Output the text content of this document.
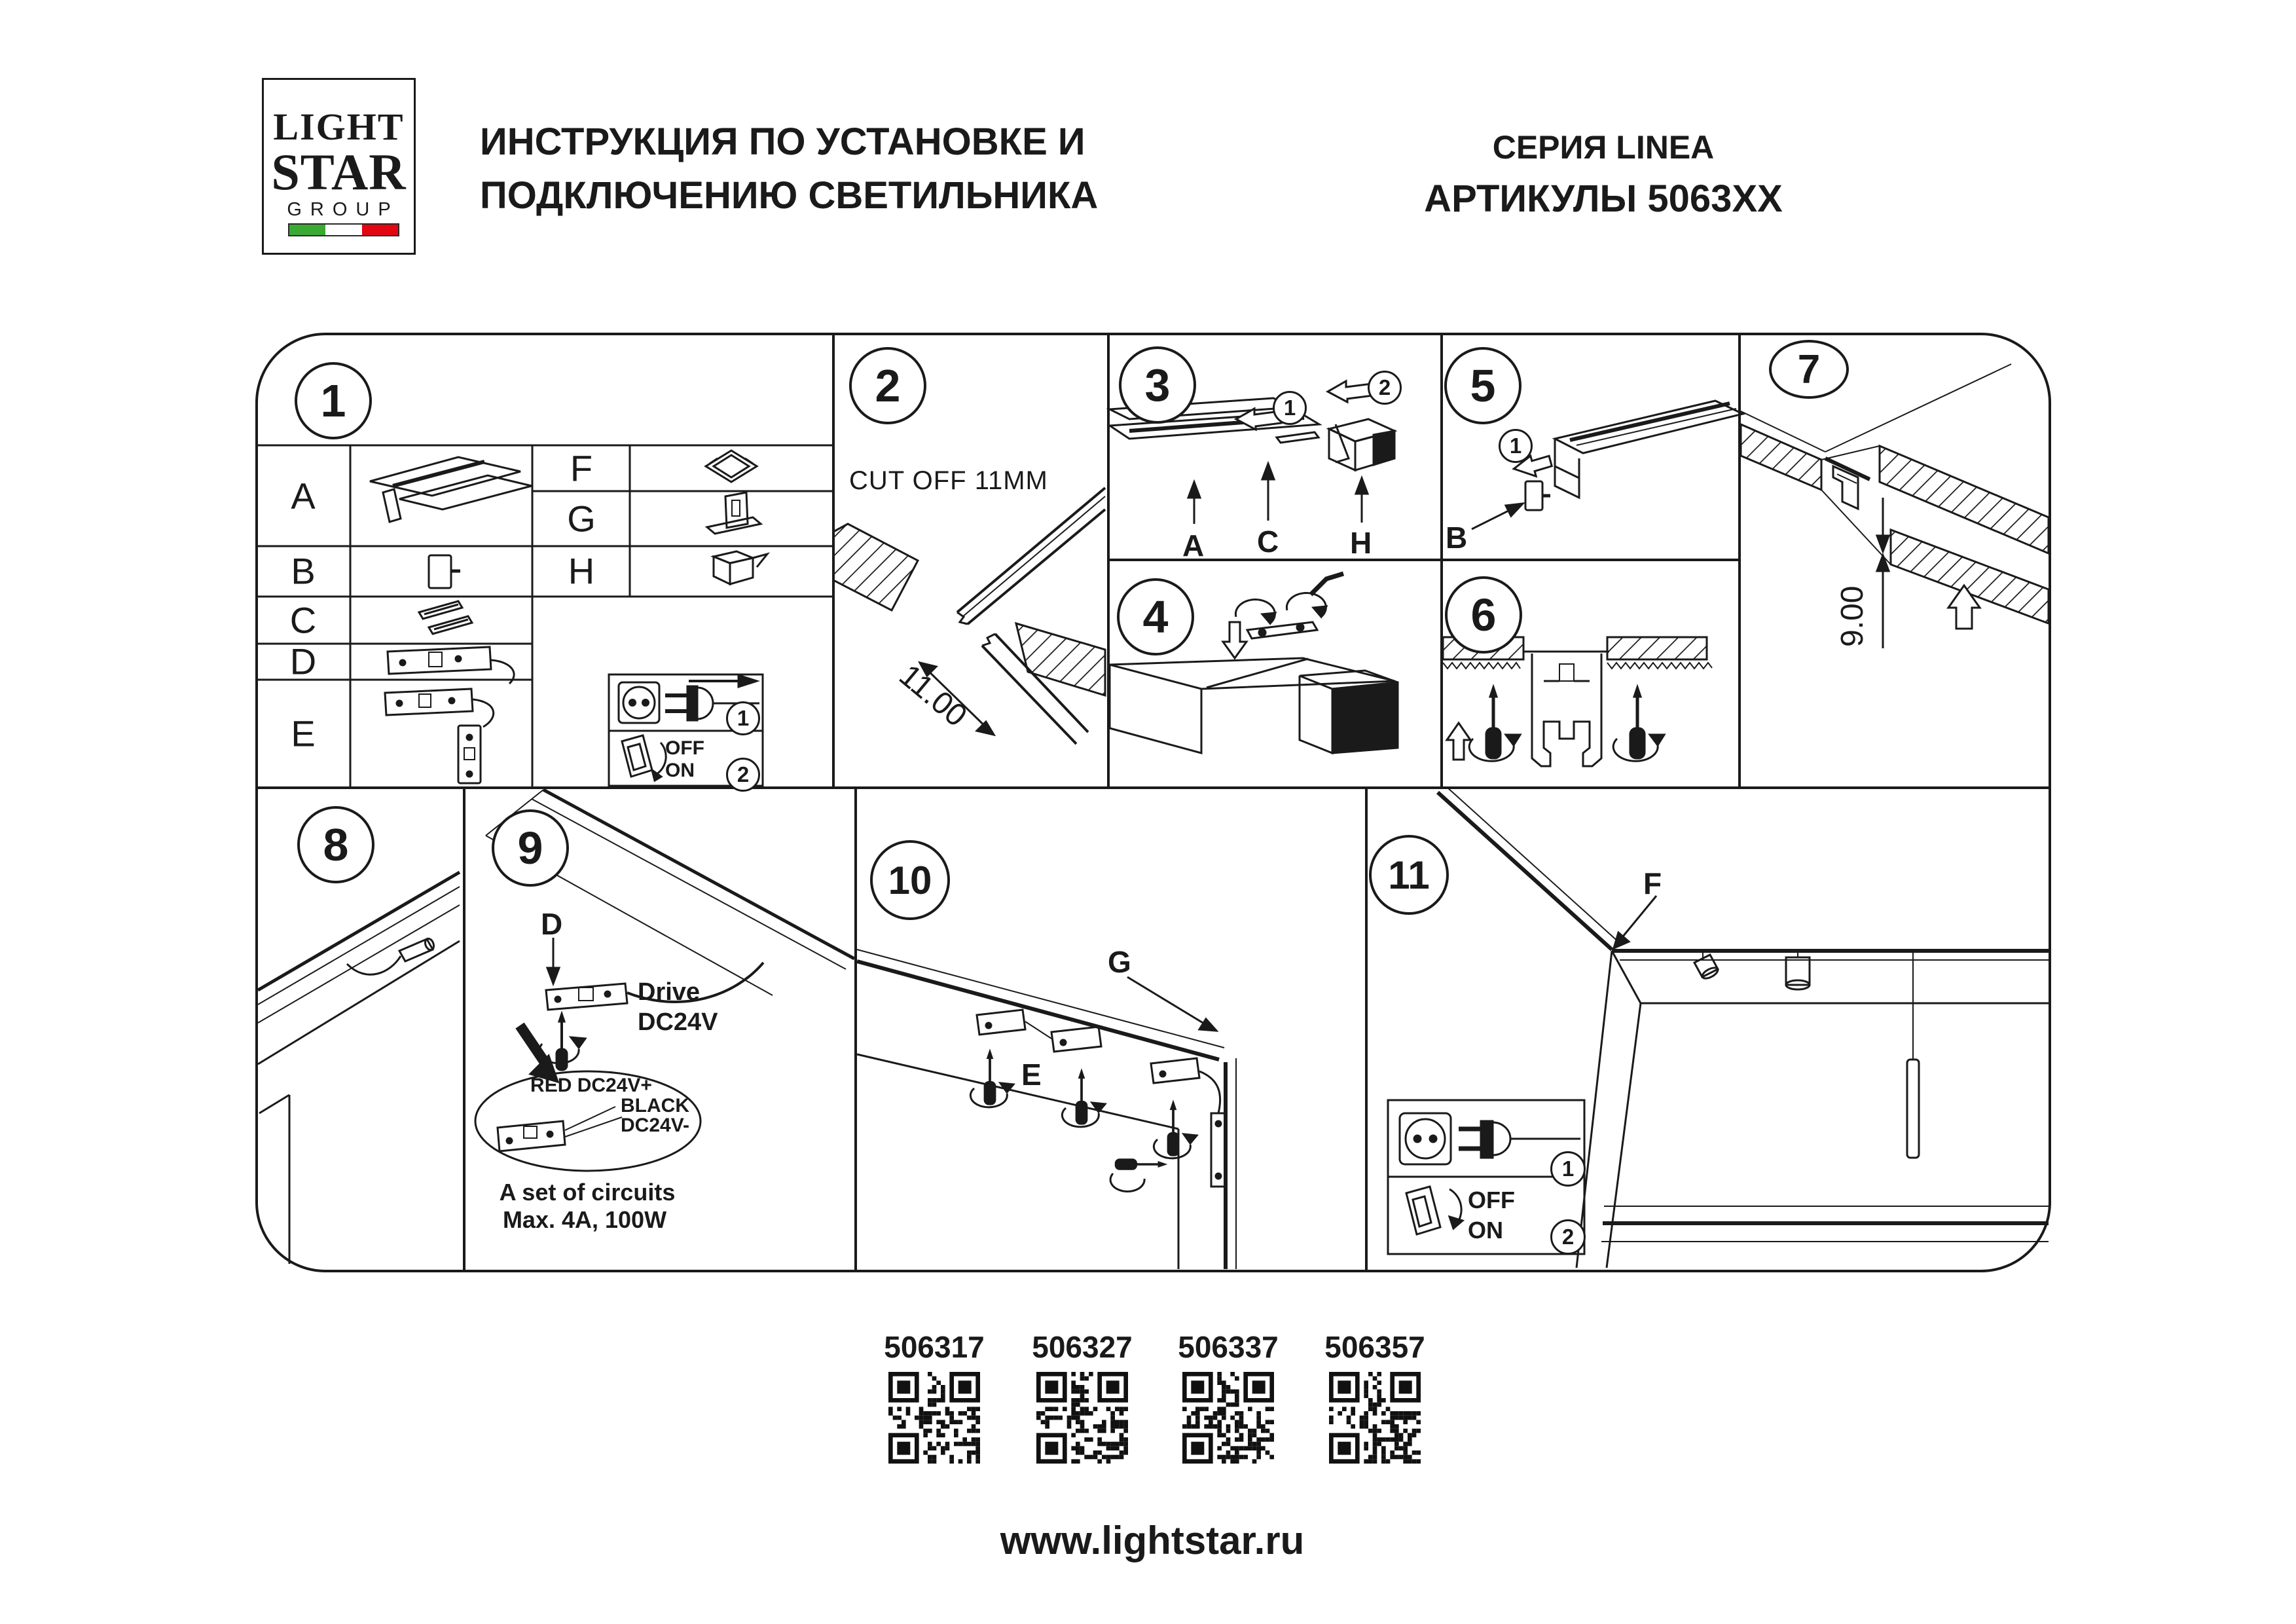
LIGHT
STAR
GROUP
ИНСТРУКЦИЯ ПО УСТАНОВКЕ И
ПОДКЛЮЧЕНИЮ СВЕТИЛЬНИКА
СЕРИЯ LINEA
АРТИКУЛЫ 5063XX
1	2	3
4
5
6
7
8	9
10	11
1
2
1
2
1
1
2
A
B
C
D
E
F
G
H
OFF
ON
CUT OFF 11MM
11.00
A C H B
9.00
D
Drive
DC24V
RED DC24V+
BLACK
DC24V-
A set of circuits
Max. 4A, 100W
E
G
F
OFF
ON
506317 506327 506337 506357
www.lightstar.ru
